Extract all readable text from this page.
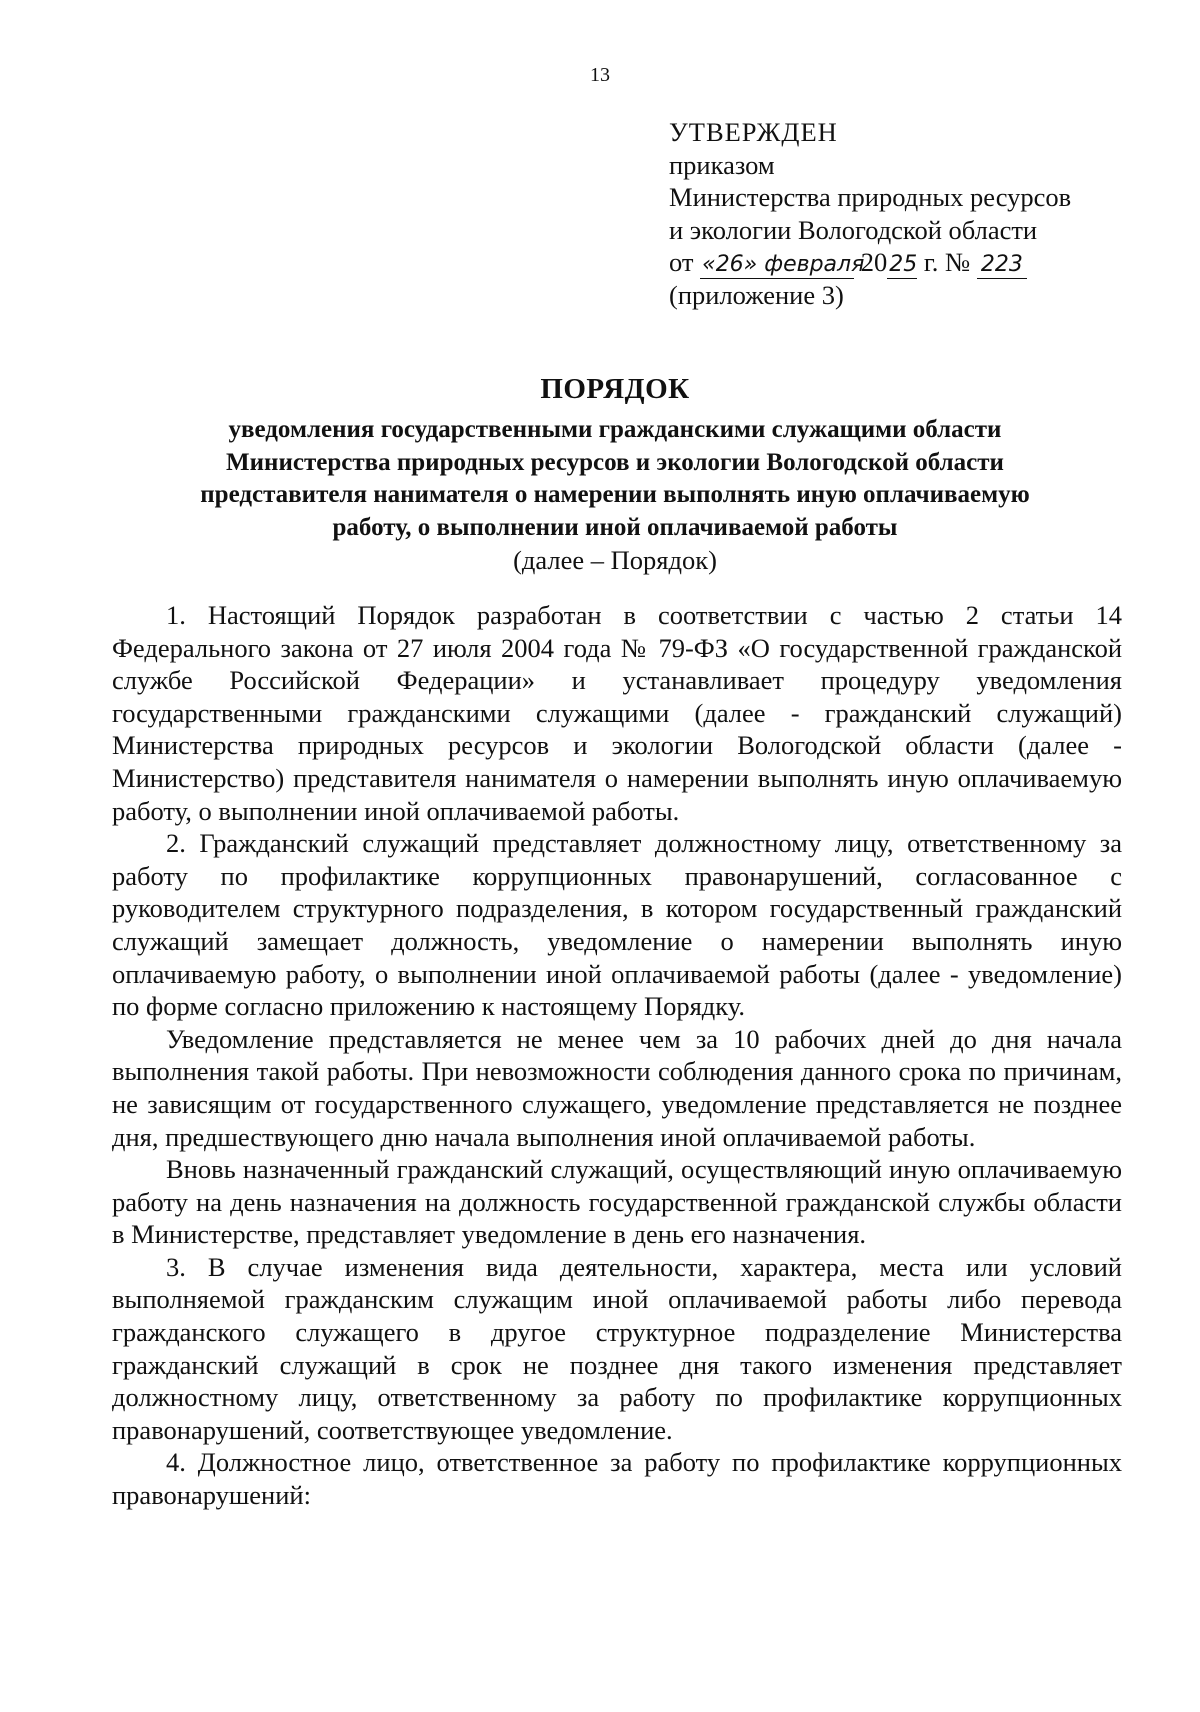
13
УТВЕРЖДЕН
приказом
Министерства природных ресурсов
и экологии Вологодской области
от «26» февраля 2025 г. № 223
(приложение 3)
ПОРЯДОК
уведомления государственными гражданскими служащими области
Министерства природных ресурсов и экологии Вологодской области
представителя нанимателя о намерении выполнять иную оплачиваемую
работу, о выполнении иной оплачиваемой работы
(далее – Порядок)

1. Настоящий Порядок разработан в соответствии с частью 2 статьи 14 Федерального закона от 27 июля 2004 года № 79-ФЗ «О государственной гражданской службе Российской Федерации» и устанавливает процедуру уведомления государственными гражданскими служащими (далее - гражданский служащий) Министерства природных ресурсов и экологии Вологодской области (далее - Министерство) представителя нанимателя о намерении выполнять иную оплачиваемую работу, о выполнении иной оплачиваемой работы.

2. Гражданский служащий представляет должностному лицу, ответственному за работу по профилактике коррупционных правонарушений, согласованное с руководителем структурного подразделения, в котором государственный гражданский служащий замещает должность, уведомление о намерении выполнять иную оплачиваемую работу, о выполнении иной оплачиваемой работы (далее - уведомление) по форме согласно приложению к настоящему Порядку.

Уведомление представляется не менее чем за 10 рабочих дней до дня начала выполнения такой работы. При невозможности соблюдения данного срока по причинам, не зависящим от государственного служащего, уведомление представляется не позднее дня, предшествующего дню начала выполнения иной оплачиваемой работы.

Вновь назначенный гражданский служащий, осуществляющий иную оплачиваемую работу на день назначения на должность государственной гражданской службы области в Министерстве, представляет уведомление в день его назначения.

3. В случае изменения вида деятельности, характера, места или условий выполняемой гражданским служащим иной оплачиваемой работы либо перевода гражданского служащего в другое структурное подразделение Министерства гражданский служащий в срок не позднее дня такого изменения представляет должностному лицу, ответственному за работу по профилактике коррупционных правонарушений, соответствующее уведомление.

4. Должностное лицо, ответственное за работу по профилактике коррупционных правонарушений:
